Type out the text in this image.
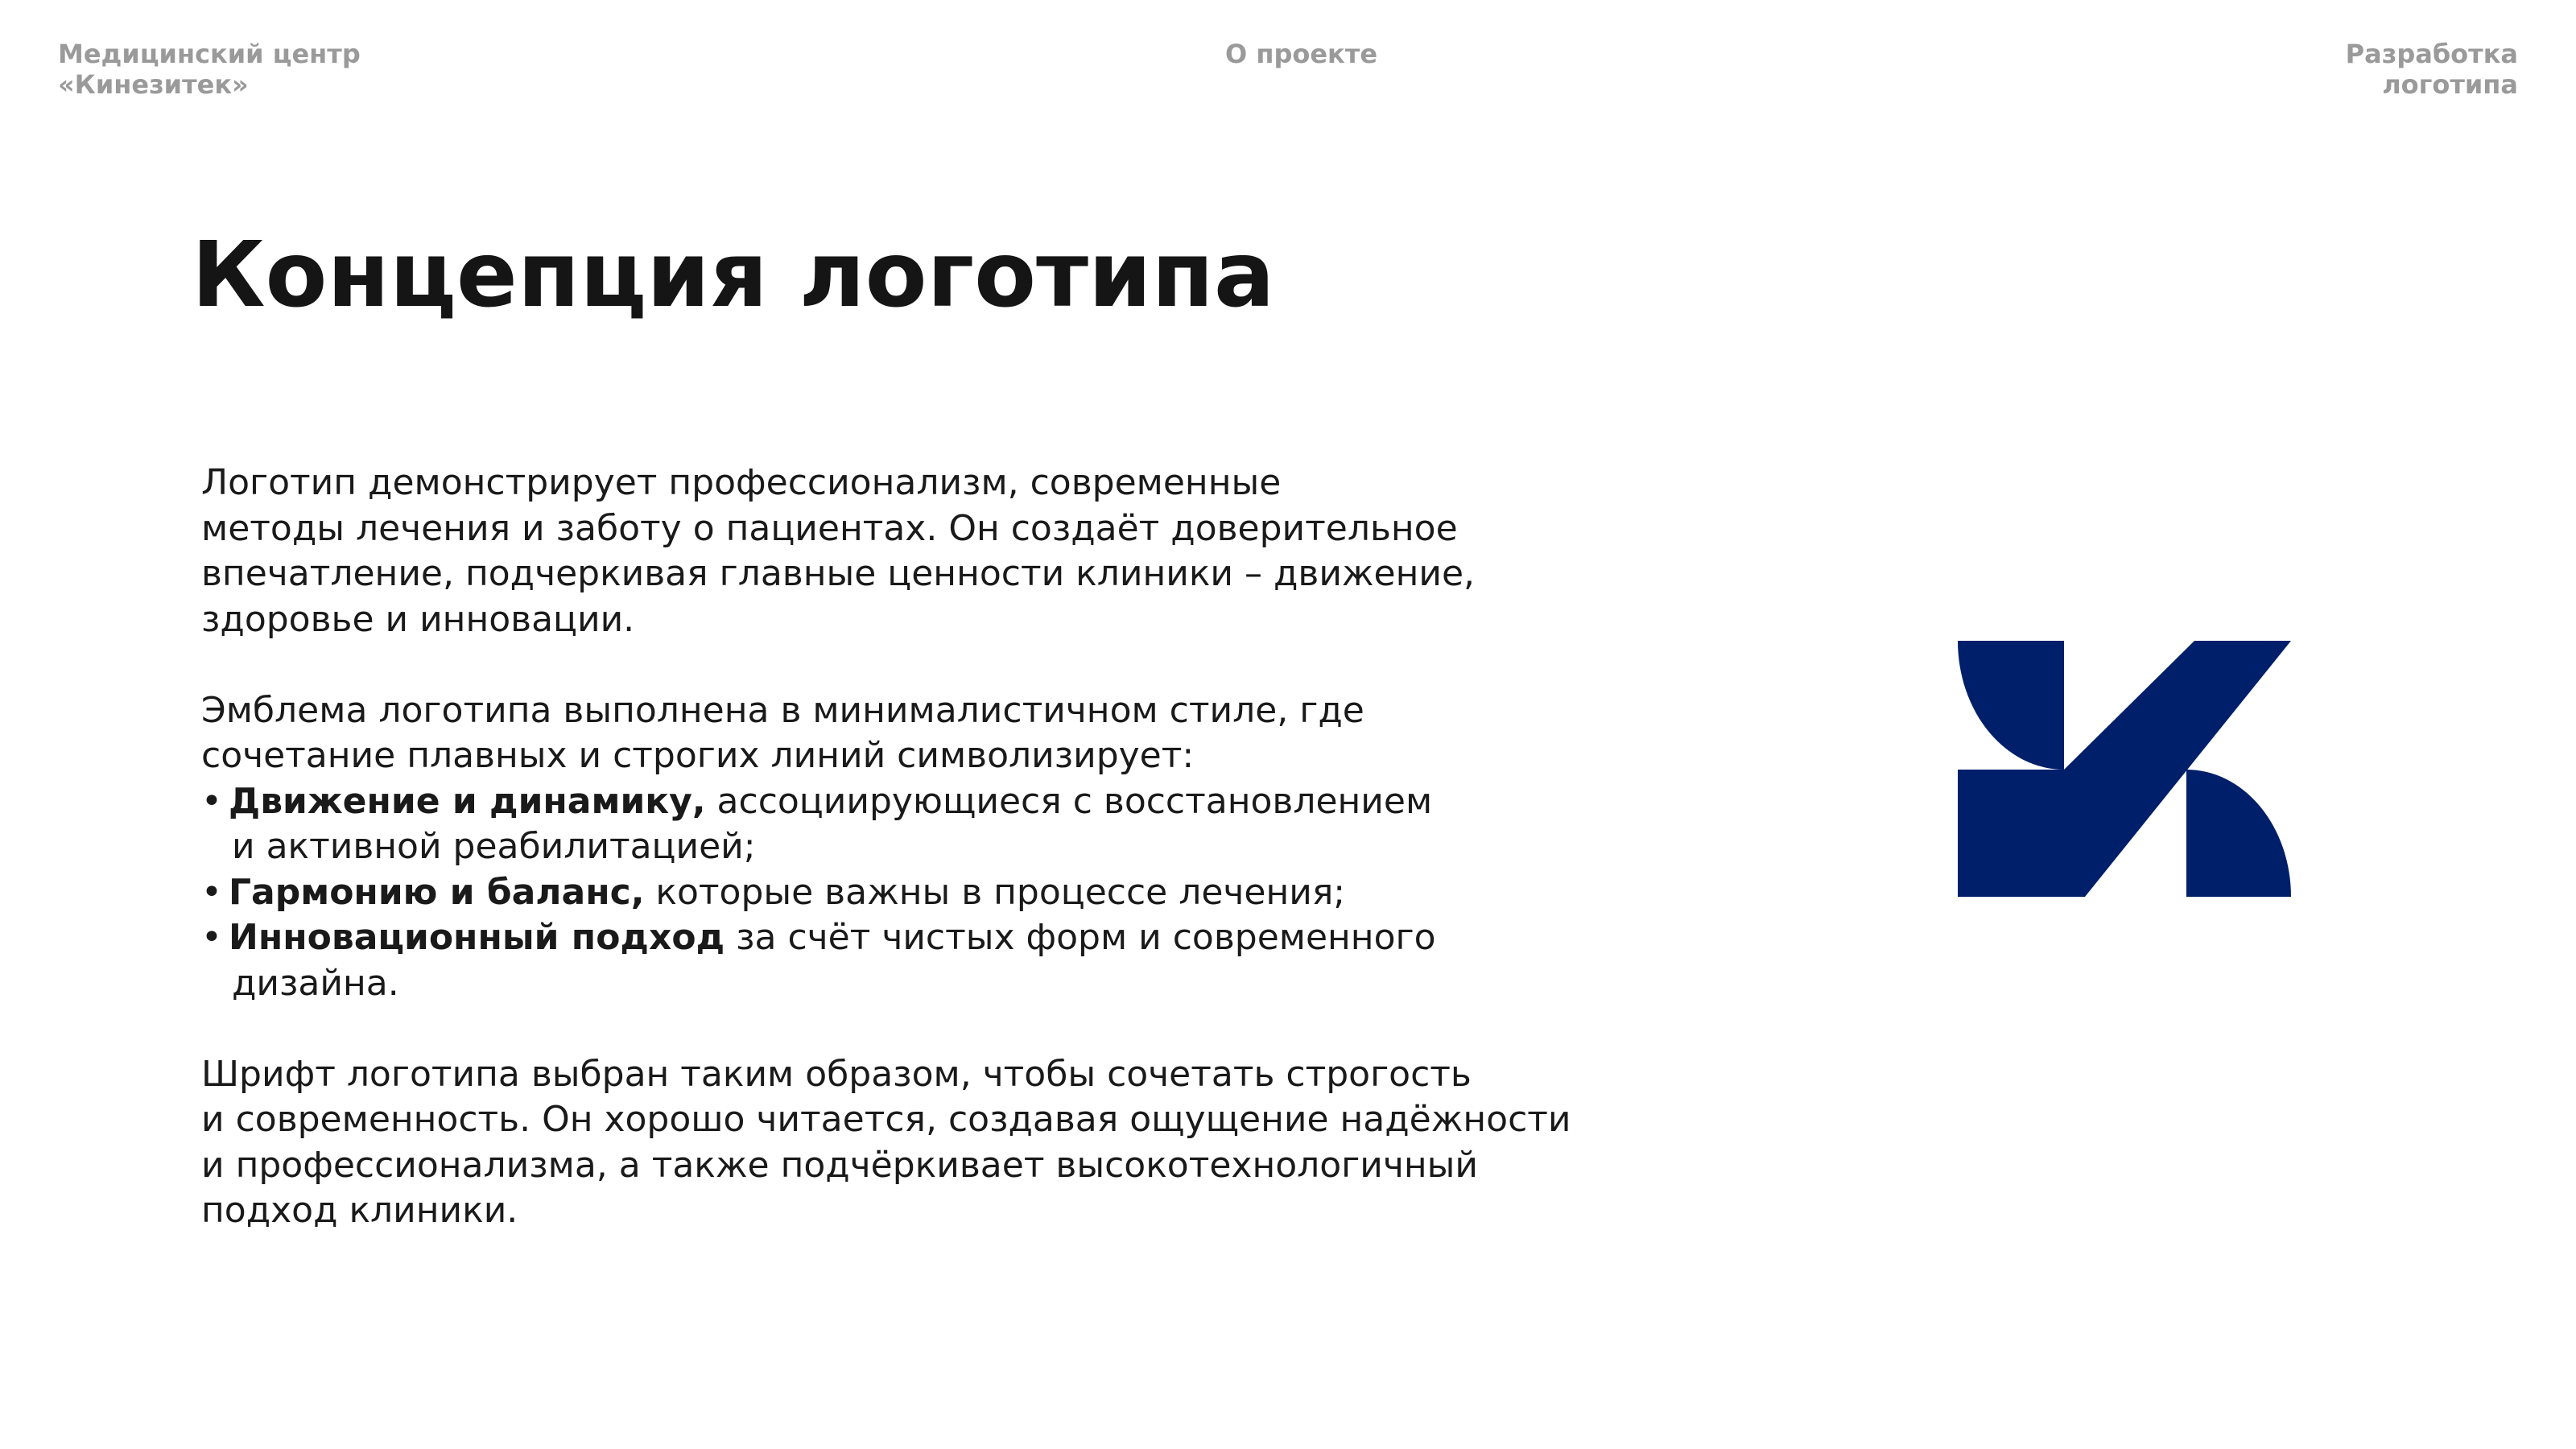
Медицинский центр
«Кинезитек»
О проекте	Разработка
логотипа
Концепция логотипа

Логотип демонстрирует профессионализм, современные
методы лечения и заботу о пациентах. Он создаёт доверительное
впечатление, подчеркивая главные ценности клиники – движение,
здоровье и инновации.

Эмблема логотипа выполнена в минималистичном стиле, где
сочетание плавных и строгих линий символизирует:
• Движение и динамику, ассоциирующиеся с восстановлением
и активной реабилитацией;
• Гармонию и баланс, которые важны в процессе лечения;
• Инновационный подход за счёт чистых форм и современного
дизайна.

Шрифт логотипа выбран таким образом, чтобы сочетать строгость
и современность. Он хорошо читается, создавая ощущение надёжности
и профессионализма, а также подчёркивает высокотехнологичный
подход клиники.
